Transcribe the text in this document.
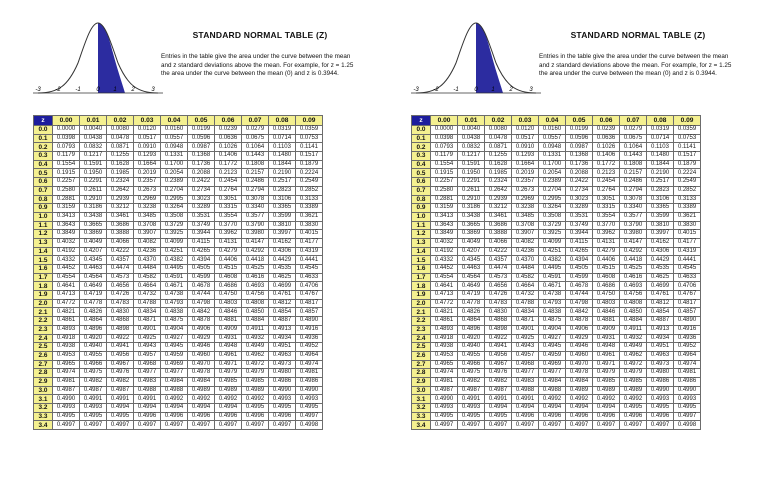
-3 -2 -1	0 1 2	3
STANDARD NORMAL TABLE (Z)
Entries in the table give the area under the curve between the mean and z standard deviations above the mean. For example, for z = 1.25 the area under the curve between the mean (0) and z is 0.3944.
z	0.00	0.01	0.02	0.03	0.04	0.05	0.06	0.07	0.08	0.09
0.0	0.0000	0.0040	0.0080	0.0120	0.0160	0.0199	0.0239	0.0279	0.0319	0.0359
0.1	0.0398	0.0438	0.0478	0.0517	0.0557	0.0596	0.0636	0.0675	0.0714	0.0753
0.2	0.0793	0.0832	0.0871	0.0910	0.0948	0.0987	0.1026	0.1064	0.1103	0.1141
0.3	0.1179	0.1217	0.1255	0.1293	0.1331	0.1368	0.1406	0.1443	0.1480	0.1517
0.4	0.1554	0.1591	0.1628	0.1664	0.1700	0.1736	0.1772	0.1808	0.1844	0.1879
0.5	0.1915	0.1950	0.1985	0.2019	0.2054	0.2088	0.2123	0.2157	0.2190	0.2224
0.6	0.2257	0.2291	0.2324	0.2357	0.2389	0.2422	0.2454	0.2486	0.2517	0.2549
0.7	0.2580	0.2611	0.2642	0.2673	0.2704	0.2734	0.2764	0.2794	0.2823	0.2852
0.8	0.2881	0.2910	0.2939	0.2969	0.2995	0.3023	0.3051	0.3078	0.3106	0.3133
0.9	0.3159	0.3186	0.3212	0.3238	0.3264	0.3289	0.3315	0.3340	0.3365	0.3389
1.0	0.3413	0.3438	0.3461	0.3485	0.3508	0.3531	0.3554	0.3577	0.3599	0.3621
1.1	0.3643	0.3665	0.3686	0.3708	0.3729	0.3749	0.3770	0.3790	0.3810	0.3830
1.2	0.3849	0.3869	0.3888	0.3907	0.3925	0.3944	0.3962	0.3980	0.3997	0.4015
1.3	0.4032	0.4049	0.4066	0.4082	0.4099	0.4115	0.4131	0.4147	0.4162	0.4177
1.4	0.4192	0.4207	0.4222	0.4236	0.4251	0.4265	0.4279	0.4292	0.4306	0.4319
1.5	0.4332	0.4345	0.4357	0.4370	0.4382	0.4394	0.4406	0.4418	0.4429	0.4441
1.6	0.4452	0.4463	0.4474	0.4484	0.4495	0.4505	0.4515	0.4525	0.4535	0.4545
1.7	0.4554	0.4564	0.4573	0.4582	0.4591	0.4599	0.4608	0.4616	0.4625	0.4633
1.8	0.4641	0.4649	0.4656	0.4664	0.4671	0.4678	0.4686	0.4693	0.4699	0.4706
1.9	0.4713	0.4719	0.4726	0.4732	0.4738	0.4744	0.4750	0.4756	0.4761	0.4767
2.0	0.4772	0.4778	0.4783	0.4788	0.4793	0.4798	0.4803	0.4808	0.4812	0.4817
2.1	0.4821	0.4826	0.4830	0.4834	0.4838	0.4842	0.4846	0.4850	0.4854	0.4857
2.2	0.4861	0.4864	0.4868	0.4871	0.4875	0.4878	0.4881	0.4884	0.4887	0.4890
2.3	0.4893	0.4896	0.4898	0.4901	0.4904	0.4906	0.4909	0.4911	0.4913	0.4916
2.4	0.4918	0.4920	0.4922	0.4925	0.4927	0.4929	0.4931	0.4932	0.4934	0.4936
2.5	0.4938	0.4940	0.4941	0.4943	0.4945	0.4946	0.4948	0.4949	0.4951	0.4952
2.6	0.4953	0.4955	0.4956	0.4957	0.4959	0.4960	0.4961	0.4962	0.4963	0.4964
2.7	0.4965	0.4966	0.4967	0.4968	0.4969	0.4970	0.4971	0.4972	0.4973	0.4974
2.8	0.4974	0.4975	0.4976	0.4977	0.4977	0.4978	0.4979	0.4979	0.4980	0.4981
2.9	0.4981	0.4982	0.4982	0.4983	0.4984	0.4984	0.4985	0.4985	0.4986	0.4986
3.0	0.4987	0.4987	0.4987	0.4988	0.4988	0.4989	0.4989	0.4989	0.4990	0.4990
3.1	0.4990	0.4991	0.4991	0.4991	0.4992	0.4992	0.4992	0.4992	0.4993	0.4993
3.2	0.4993	0.4993	0.4994	0.4994	0.4994	0.4994	0.4994	0.4995	0.4995	0.4995
3.3	0.4995	0.4995	0.4995	0.4996	0.4996	0.4996	0.4996	0.4996	0.4996	0.4997
3.4	0.4997	0.4997	0.4997	0.4997	0.4997	0.4997	0.4997	0.4997	0.4997	0.4998
-3 -2 -1	0 1 2	3
STANDARD NORMAL TABLE (Z)
Entries in the table give the area under the curve between the mean and z standard deviations above the mean. For example, for z = 1.25 the area under the curve between the mean (0) and z is 0.3944.
z	0.00	0.01	0.02	0.03	0.04	0.05	0.06	0.07	0.08	0.09
0.0	0.0000	0.0040	0.0080	0.0120	0.0160	0.0199	0.0239	0.0279	0.0319	0.0359
0.1	0.0398	0.0438	0.0478	0.0517	0.0557	0.0596	0.0636	0.0675	0.0714	0.0753
0.2	0.0793	0.0832	0.0871	0.0910	0.0948	0.0987	0.1026	0.1064	0.1103	0.1141
0.3	0.1179	0.1217	0.1255	0.1293	0.1331	0.1368	0.1406	0.1443	0.1480	0.1517
0.4	0.1554	0.1591	0.1628	0.1664	0.1700	0.1736	0.1772	0.1808	0.1844	0.1879
0.5	0.1915	0.1950	0.1985	0.2019	0.2054	0.2088	0.2123	0.2157	0.2190	0.2224
0.6	0.2257	0.2291	0.2324	0.2357	0.2389	0.2422	0.2454	0.2486	0.2517	0.2549
0.7	0.2580	0.2611	0.2642	0.2673	0.2704	0.2734	0.2764	0.2794	0.2823	0.2852
0.8	0.2881	0.2910	0.2939	0.2969	0.2995	0.3023	0.3051	0.3078	0.3106	0.3133
0.9	0.3159	0.3186	0.3212	0.3238	0.3264	0.3289	0.3315	0.3340	0.3365	0.3389
1.0	0.3413	0.3438	0.3461	0.3485	0.3508	0.3531	0.3554	0.3577	0.3599	0.3621
1.1	0.3643	0.3665	0.3686	0.3708	0.3729	0.3749	0.3770	0.3790	0.3810	0.3830
1.2	0.3849	0.3869	0.3888	0.3907	0.3925	0.3944	0.3962	0.3980	0.3997	0.4015
1.3	0.4032	0.4049	0.4066	0.4082	0.4099	0.4115	0.4131	0.4147	0.4162	0.4177
1.4	0.4192	0.4207	0.4222	0.4236	0.4251	0.4265	0.4279	0.4292	0.4306	0.4319
1.5	0.4332	0.4345	0.4357	0.4370	0.4382	0.4394	0.4406	0.4418	0.4429	0.4441
1.6	0.4452	0.4463	0.4474	0.4484	0.4495	0.4505	0.4515	0.4525	0.4535	0.4545
1.7	0.4554	0.4564	0.4573	0.4582	0.4591	0.4599	0.4608	0.4616	0.4625	0.4633
1.8	0.4641	0.4649	0.4656	0.4664	0.4671	0.4678	0.4686	0.4693	0.4699	0.4706
1.9	0.4713	0.4719	0.4726	0.4732	0.4738	0.4744	0.4750	0.4756	0.4761	0.4767
2.0	0.4772	0.4778	0.4783	0.4788	0.4793	0.4798	0.4803	0.4808	0.4812	0.4817
2.1	0.4821	0.4826	0.4830	0.4834	0.4838	0.4842	0.4846	0.4850	0.4854	0.4857
2.2	0.4861	0.4864	0.4868	0.4871	0.4875	0.4878	0.4881	0.4884	0.4887	0.4890
2.3	0.4893	0.4896	0.4898	0.4901	0.4904	0.4906	0.4909	0.4911	0.4913	0.4916
2.4	0.4918	0.4920	0.4922	0.4925	0.4927	0.4929	0.4931	0.4932	0.4934	0.4936
2.5	0.4938	0.4940	0.4941	0.4943	0.4945	0.4946	0.4948	0.4949	0.4951	0.4952
2.6	0.4953	0.4955	0.4956	0.4957	0.4959	0.4960	0.4961	0.4962	0.4963	0.4964
2.7	0.4965	0.4966	0.4967	0.4968	0.4969	0.4970	0.4971	0.4972	0.4973	0.4974
2.8	0.4974	0.4975	0.4976	0.4977	0.4977	0.4978	0.4979	0.4979	0.4980	0.4981
2.9	0.4981	0.4982	0.4982	0.4983	0.4984	0.4984	0.4985	0.4985	0.4986	0.4986
3.0	0.4987	0.4987	0.4987	0.4988	0.4988	0.4989	0.4989	0.4989	0.4990	0.4990
3.1	0.4990	0.4991	0.4991	0.4991	0.4992	0.4992	0.4992	0.4992	0.4993	0.4993
3.2	0.4993	0.4993	0.4994	0.4994	0.4994	0.4994	0.4994	0.4995	0.4995	0.4995
3.3	0.4995	0.4995	0.4995	0.4996	0.4996	0.4996	0.4996	0.4996	0.4996	0.4997
3.4	0.4997	0.4997	0.4997	0.4997	0.4997	0.4997	0.4997	0.4997	0.4997	0.4998
